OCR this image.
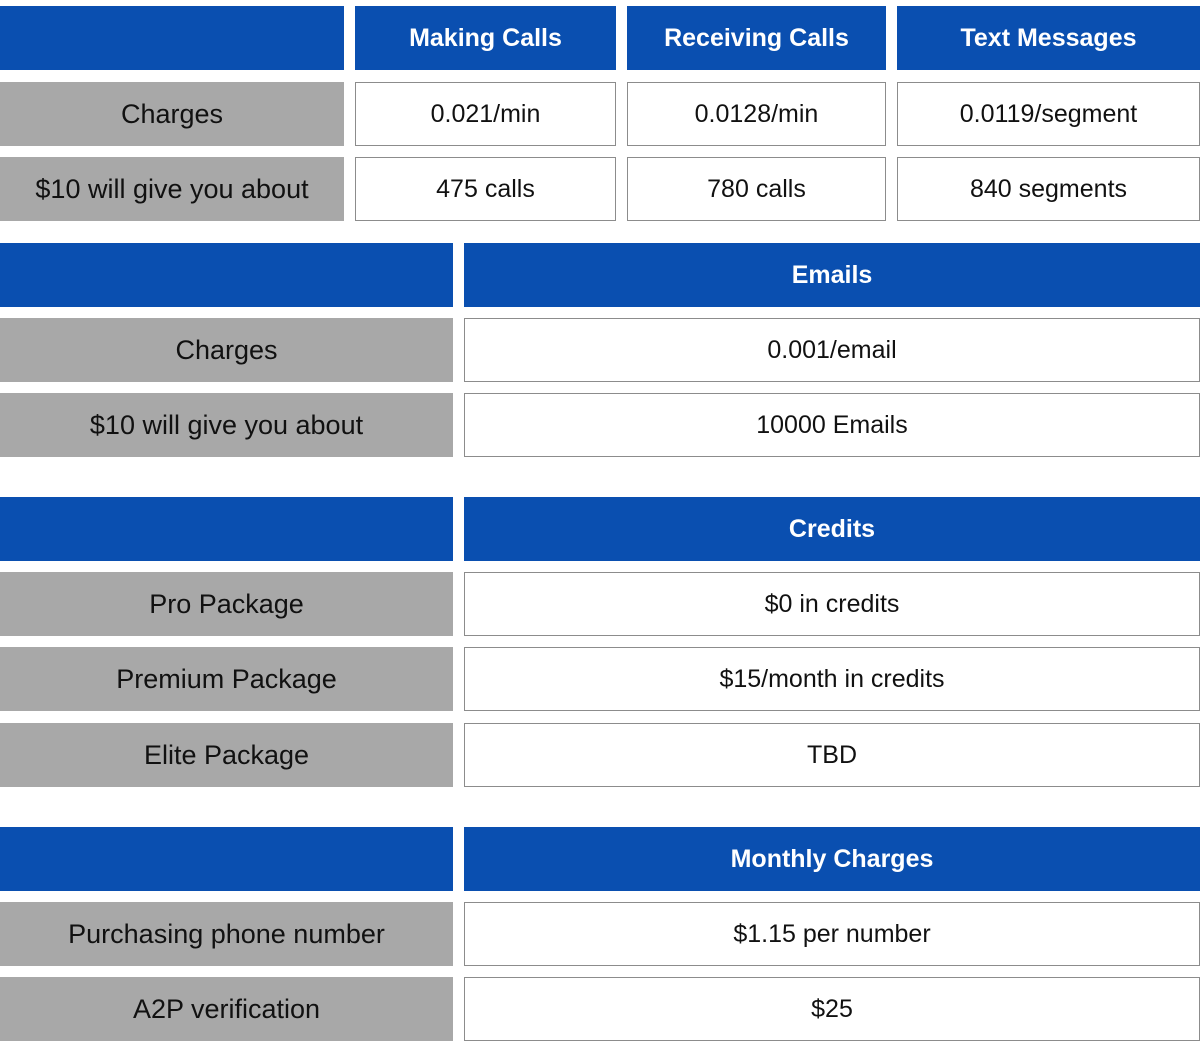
Making Calls	Receiving Calls	Text Messages
Charges	0.021/min	0.0128/min	0.0119/segment
$10 will give you about	475 calls	780 calls	840 segments
Emails
Charges	0.001/email
$10 will give you about	10000 Emails
Credits
Pro Package	$0 in credits
Premium Package	$15/month in credits
Elite Package	TBD
Monthly Charges
Purchasing phone number	$1.15 per number
A2P verification	$25
